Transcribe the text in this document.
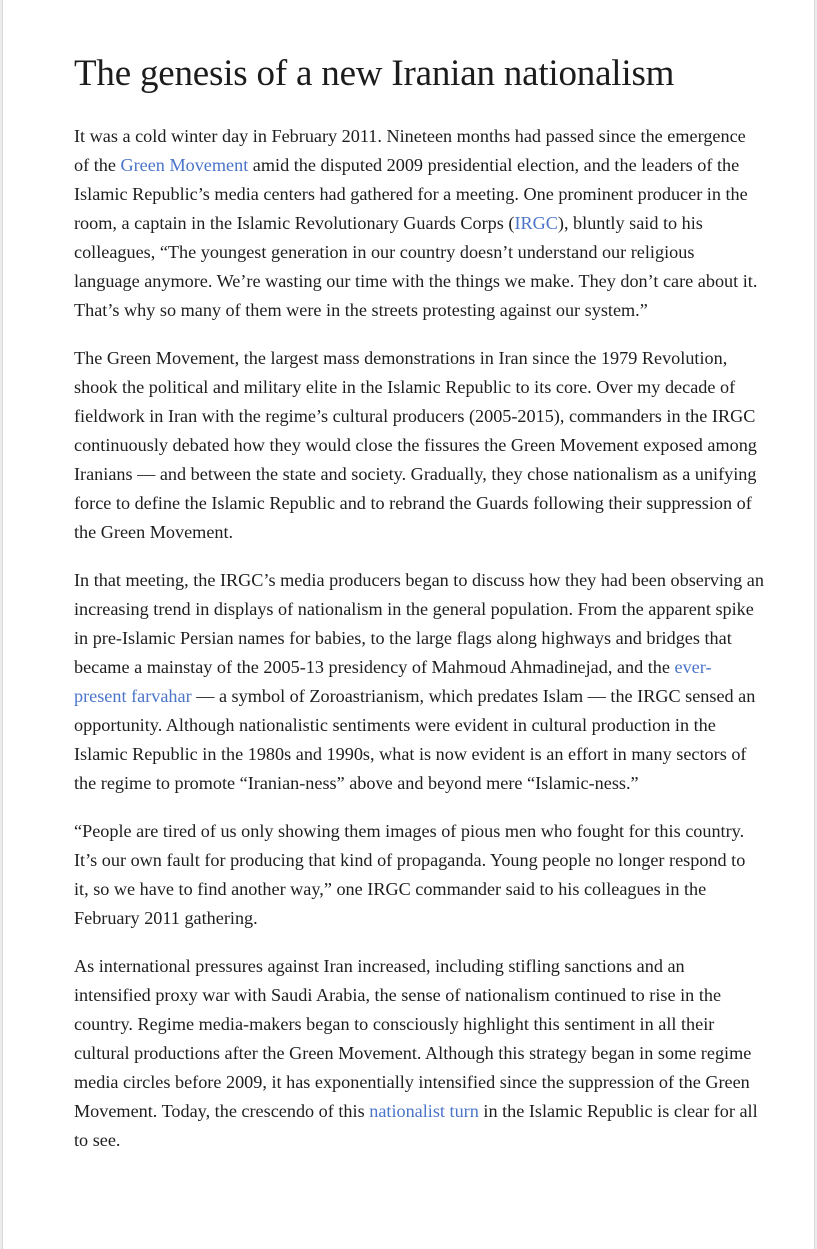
The genesis of a new Iranian nationalism

It was a cold winter day in February 2011. Nineteen months had passed since the emergence of the Green Movement amid the disputed 2009 presidential election, and the leaders of the Islamic Republic’s media centers had gathered for a meeting. One prominent producer in the room, a captain in the Islamic Revolutionary Guards Corps (IRGC), bluntly said to his colleagues, “The youngest generation in our country doesn’t understand our religious language anymore. We’re wasting our time with the things we make. They don’t care about it. That’s why so many of them were in the streets protesting against our system.”

The Green Movement, the largest mass demonstrations in Iran since the 1979 Revolution, shook the political and military elite in the Islamic Republic to its core. Over my decade of fieldwork in Iran with the regime’s cultural producers (2005-2015), commanders in the IRGC continuously debated how they would close the fissures the Green Movement exposed among Iranians — and between the state and society. Gradually, they chose nationalism as a unifying force to define the Islamic Republic and to rebrand the Guards following their suppression of the Green Movement.

In that meeting, the IRGC’s media producers began to discuss how they had been observing an increasing trend in displays of nationalism in the general population. From the apparent spike in pre-Islamic Persian names for babies, to the large flags along highways and bridges that became a mainstay of the 2005-13 presidency of Mahmoud Ahmadinejad, and the ever-present farvahar — a symbol of Zoroastrianism, which predates Islam — the IRGC sensed an opportunity. Although nationalistic sentiments were evident in cultural production in the Islamic Republic in the 1980s and 1990s, what is now evident is an effort in many sectors of the regime to promote “Iranian-ness” above and beyond mere “Islamic-ness.”

“People are tired of us only showing them images of pious men who fought for this country. It’s our own fault for producing that kind of propaganda. Young people no longer respond to it, so we have to find another way,” one IRGC commander said to his colleagues in the February 2011 gathering.

As international pressures against Iran increased, including stifling sanctions and an intensified proxy war with Saudi Arabia, the sense of nationalism continued to rise in the country. Regime media-makers began to consciously highlight this sentiment in all their cultural productions after the Green Movement. Although this strategy began in some regime media circles before 2009, it has exponentially intensified since the suppression of the Green Movement. Today, the crescendo of this nationalist turn in the Islamic Republic is clear for all to see.
